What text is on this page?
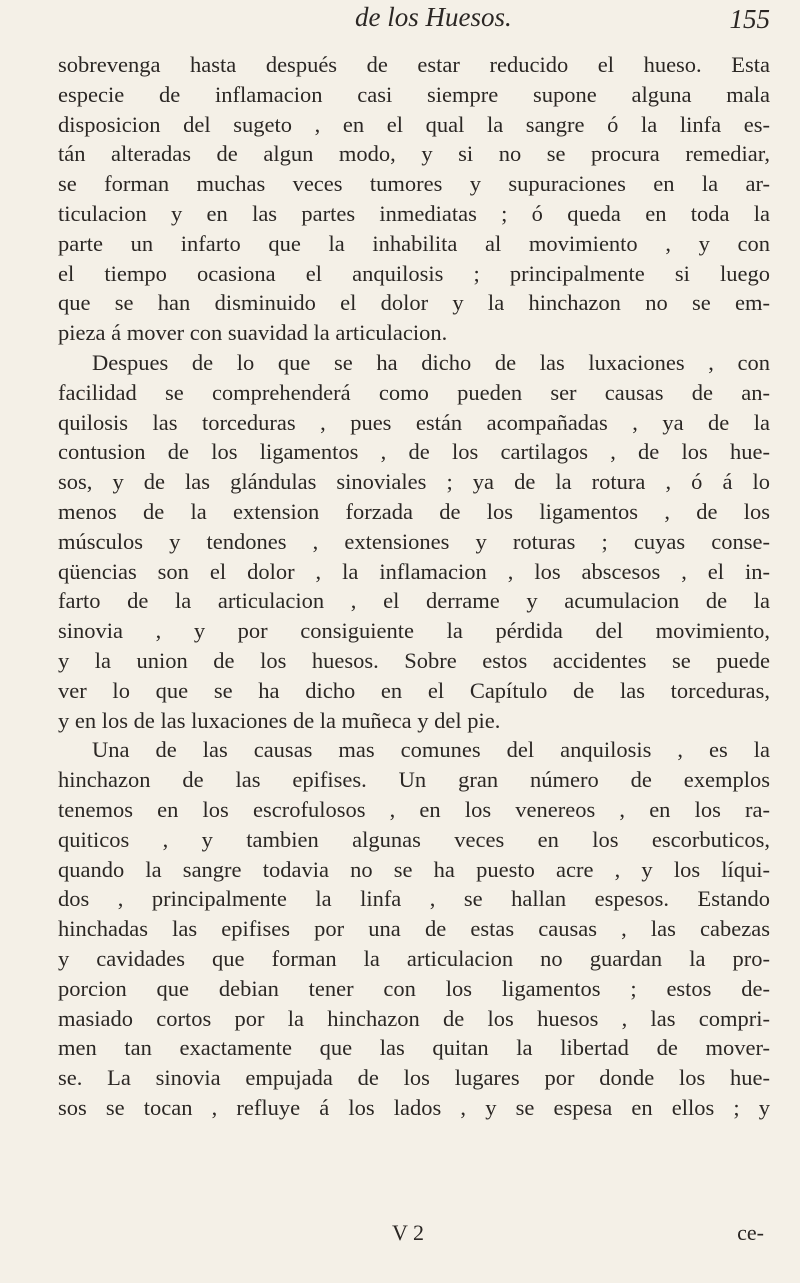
de los Huesos.	155
sobrevenga hasta después de estar reducido el hueso. Esta
especie de inflamacion casi siempre supone alguna mala
disposicion del sugeto , en el qual la sangre ó la linfa es-
tán alteradas de algun modo, y si no se procura remediar,
se forman muchas veces tumores y supuraciones en la ar-
ticulacion y en las partes inmediatas ; ó queda en toda la
parte un infarto que la inhabilita al movimiento , y con
el tiempo ocasiona el anquilosis ; principalmente si luego
que se han disminuido el dolor y la hinchazon no se em-
pieza á mover con suavidad la articulacion.
Despues de lo que se ha dicho de las luxaciones , con
facilidad se comprehenderá como pueden ser causas de an-
quilosis las torceduras , pues están acompañadas , ya de la
contusion de los ligamentos , de los cartilagos , de los hue-
sos, y de las glándulas sinoviales ; ya de la rotura , ó á lo
menos de la extension forzada de los ligamentos , de los
músculos y tendones , extensiones y roturas ; cuyas conse-
qüencias son el dolor , la inflamacion , los abscesos , el in-
farto de la articulacion , el derrame y acumulacion de la
sinovia , y por consiguiente la pérdida del movimiento,
y la union de los huesos. Sobre estos accidentes se puede
ver lo que se ha dicho en el Capítulo de las torceduras,
y en los de las luxaciones de la muñeca y del pie.
Una de las causas mas comunes del anquilosis , es la
hinchazon de las epifises. Un gran número de exemplos
tenemos en los escrofulosos , en los venereos , en los ra-
quiticos , y tambien algunas veces en los escorbuticos,
quando la sangre todavia no se ha puesto acre , y los líqui-
dos , principalmente la linfa , se hallan espesos. Estando
hinchadas las epifises por una de estas causas , las cabezas
y cavidades que forman la articulacion no guardan la pro-
porcion que debian tener con los ligamentos ; estos de-
masiado cortos por la hinchazon de los huesos , las compri-
men tan exactamente que las quitan la libertad de mover-
se. La sinovia empujada de los lugares por donde los hue-
sos se tocan , refluye á los lados , y se espesa en ellos ; y
V 2	ce-
